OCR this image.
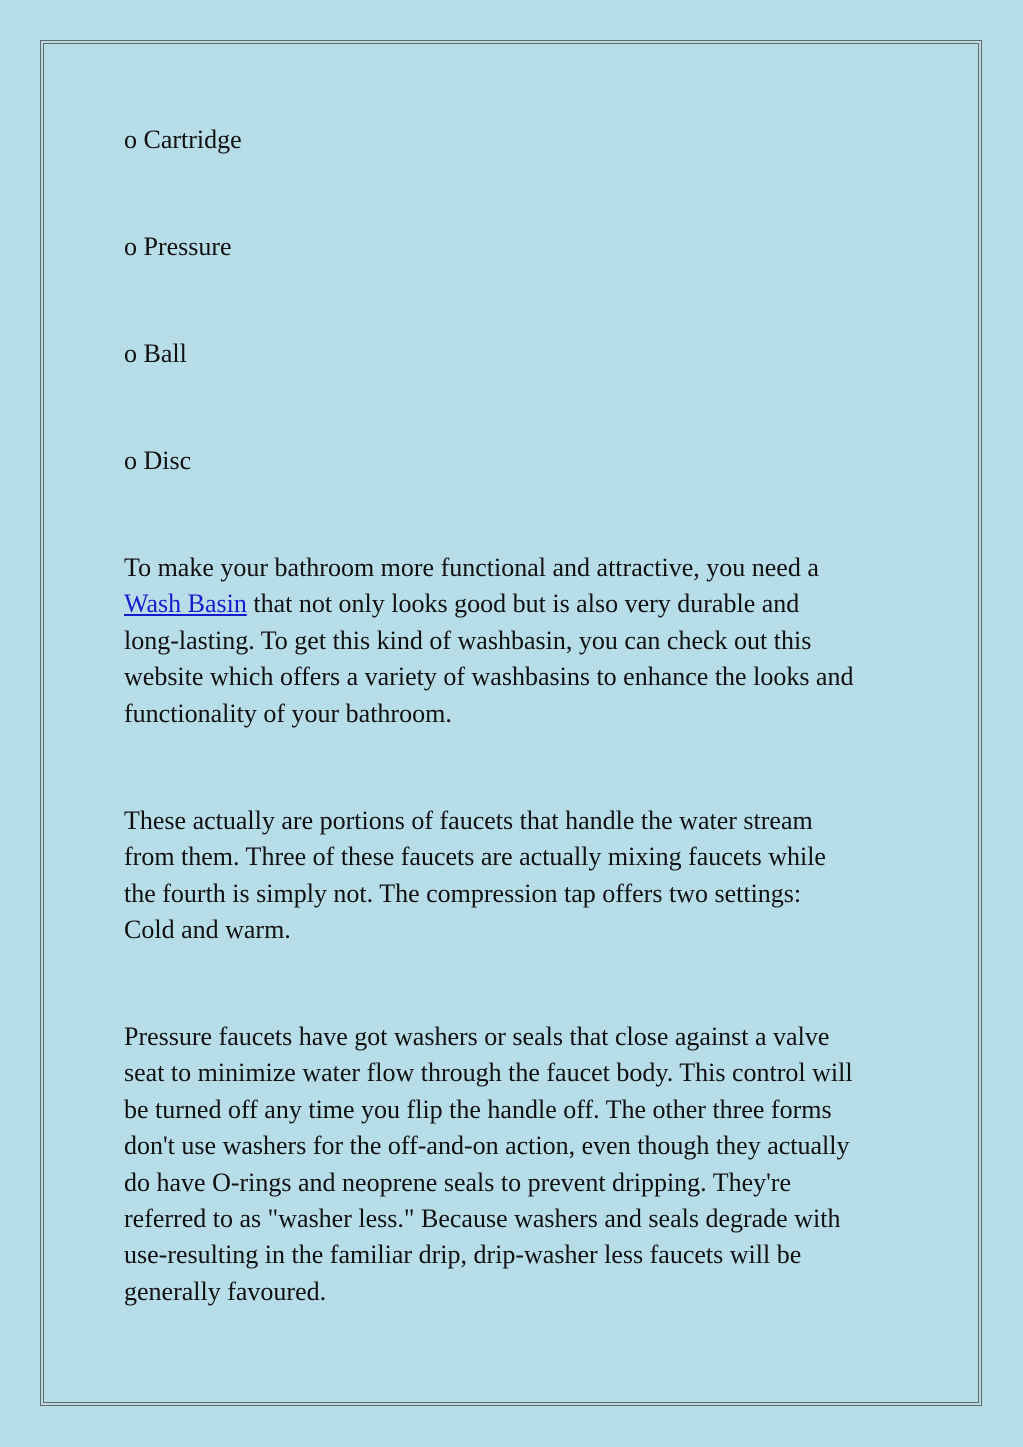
o Cartridge

o Pressure

o Ball

o Disc

To make your bathroom more functional and attractive, you need a
Wash Basin that not only looks good but is also very durable and
long-lasting. To get this kind of washbasin, you can check out this
website which offers a variety of washbasins to enhance the looks and
functionality of your bathroom.
These actually are portions of faucets that handle the water stream
from them. Three of these faucets are actually mixing faucets while
the fourth is simply not. The compression tap offers two settings:
Cold and warm.
Pressure faucets have got washers or seals that close against a valve
seat to minimize water flow through the faucet body. This control will
be turned off any time you flip the handle off. The other three forms
don't use washers for the off-and-on action, even though they actually
do have O-rings and neoprene seals to prevent dripping. They're
referred to as "washer less." Because washers and seals degrade with
use-resulting in the familiar drip, drip-washer less faucets will be
generally favoured.
